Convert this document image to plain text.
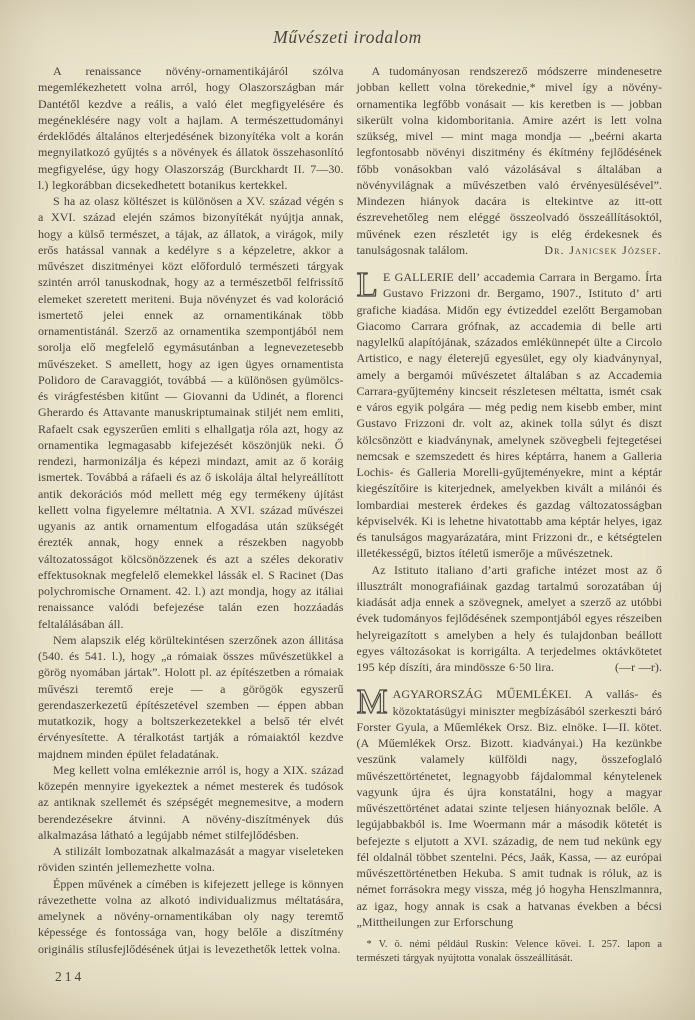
Művészeti irodalom

A renaissance növény-ornamentikájáról szólva megemlékezhetett volna arról, hogy Olaszországban már Dantétől kezdve a reális, a való élet megfigyelésére és megéneklésére nagy volt a hajlam. A természettudományi érdeklődés általános elterjedésének bizonyítéka volt a korán megnyilatkozó gyűjtés s a növények és állatok összehasonlító megfigyelése, úgy hogy Olaszország (Burckhardt II. 7—30. l.) legkorábban dicsekedhetett botanikus kertekkel.

S ha az olasz költészet is különösen a XV. század végén s a XVI. század elején számos bizonyítékát nyújtja annak, hogy a külső természet, a tájak, az állatok, a virágok, mily erős hatással vannak a kedélyre s a képzeletre, akkor a művészet diszitményei közt előforduló természeti tárgyak szintén arról tanuskodnak, hogy az a természetből felfrissítő elemeket szeretett meriteni. Buja növényzet és vad koloráció ismertető jelei ennek az ornamentikának több ornamentistánál. Szerző az ornamentika szempontjából nem sorolja elő megfelelő egymásutánban a legnevezetesebb művészeket. S amellett, hogy az igen ügyes ornamentista Polidoro de Caravaggiót, továbbá — a különösen gyümölcs- és virágfestésben kitűnt — Giovanni da Udinét, a florenci Gherardo és Attavante manuskriptumainak stiljét nem emliti, Rafaelt csak egyszerűen emliti s elhallgatja róla azt, hogy az ornamentika legmagasabb kifejezését köszönjük neki. Ő rendezi, harmonizálja és képezi mindazt, amit az ő koráig ismertek. Továbbá a ráfaeli és az ő iskolája által helyreállított antik dekorációs mód mellett még egy termékeny újítást kellett volna figyelemre méltatnia. A XVI. század művészei ugyanis az antik ornamentum elfogadása után szükségét érezték annak, hogy ennek a részekben nagyobb változatosságot kölcsönözzenek és azt a széles dekorativ effektusoknak megfelelő elemekkel lássák el. S Racinet (Das polychromische Ornament. 42. l.) azt mondja, hogy az itáliai renaissance valódi befejezése talán ezen hozzáadás feltalálásában áll.

Nem alapszik elég körültekintésen szerzőnek azon állitása (540. és 541. l.), hogy „a rómaiak összes művészetükkel a görög nyomában jártak”. Holott pl. az építészetben a rómaiak művészi teremtő ereje — a görögök egyszerű gerendaszerkezetű építészetével szemben — éppen abban mutatkozik, hogy a boltszerkezetekkel a belső tér elvét érvényesítette. A téralkotást tartják a rómaiaktól kezdve majdnem minden épület feladatának.

Meg kellett volna emlékeznie arról is, hogy a XIX. század közepén mennyire igyekeztek a német mesterek és tudósok az antiknak szellemét és szépségét megnemesitve, a modern berendezésekre átvinni. A növény-diszítmények dús alkalmazása látható a legújabb német stilfejlődésben.

A stilizált lombozatnak alkalmazását a magyar viseleteken röviden szintén jellemezhette volna.

Éppen művének a címében is kifejezett jellege is könnyen rávezethette volna az alkotó individualizmus méltatására, amelynek a növény-ornamentikában oly nagy teremtő képessége és fontossága van, hogy belőle a diszítmény originális stílusfejlődésének útjai is levezethetők lettek volna.

A tudományosan rendszerező módszerre mindenesetre jobban kellett volna törekednie,* mivel így a növény-ornamentika legfőbb vonásait — kis keretben is — jobban sikerült volna kidomboritania. Amire azért is lett volna szükség, mivel — mint maga mondja — „beérni akarta legfontosabb növényi diszitmény és ékítmény fejlődésének főbb vonásokban való vázolásával s általában a növényvilágnak a művészetben való érvényesülésével”. Mindezen hiányok dacára is eltekintve az itt-ott észrevehetőleg nem eléggé összeolvadó összeállításoktól, művének ezen részletét igy is elég érdekesnek és tanulságosnak találom.	Dr. Janicsek József.

L E GALLERIE dell’ accademia Carrara in Bergamo. Írta Gustavo Frizzoni dr. Bergamo, 1907., Istituto d’ arti grafiche kiadása. Midőn egy évtizeddel ezelőtt Bergamoban Giacomo Carrara grófnak, az accademia di belle arti nagylelkű alapítójának, százados emlékünnepét ülte a Circolo Artistico, e nagy életerejű egyesület, egy oly kiadványnyal, amely a bergamói művészetet általában s az Accademia Carrara-gyűjtemény kincseit részletesen méltatta, ismét csak e város egyik polgára — még pedig nem kisebb ember, mint Gustavo Frizzoni dr. volt az, akinek tolla súlyt és diszt kölcsönzött e kiadványnak, amelynek szövegbeli fejtegetései nemcsak e szemszedett és hires képtárra, hanem a Galleria Lochis- és Galleria Morelli-gyűjteményekre, mint a képtár kiegészítőire is kiterjednek, amelyekben kivált a milánói és lombardiai mesterek érdekes és gazdag változatosságban képviselvék. Ki is lehetne hivatottabb ama képtár helyes, igaz és tanulságos magyarázatára, mint Frizzoni dr., e kétségtelen illetékességű, biztos ítéletű ismerője a művészetnek.

Az Istituto italiano d’arti grafiche intézet most az ő illusztrált monografiáinak gazdag tartalmú sorozatában új kiadását adja ennek a szövegnek, amelyet a szerző az utóbbi évek tudományos fejlődésének szempontjából egyes részeiben helyreigazított s amelyben a hely és tulajdonban beállott egyes változásokat is korrigálta. A terjedelmes oktávkötetet 195 kép díszíti, ára mindössze 6·50 lira.	(—r —r).

MAGYARORSZÁG MŰEMLÉKEI. A vallás- és közoktatásügyi miniszter megbízásából szerkeszti báró Forster Gyula, a Műemlékek Orsz. Biz. elnöke. I—II. kötet. (A Műemlékek Orsz. Bizott. kiadványai.) Ha kezünkbe veszünk valamely külföldi nagy, összefoglaló művészettörténetet, legnagyobb fájdalommal kénytelenek vagyunk újra és újra konstatálni, hogy a magyar művészettörténet adatai szinte teljesen hiányoznak belőle. A legújabbakból is. Ime Woermann már a második kötetét is befejezte s eljutott a XVI. századig, de nem tud nekünk egy fél oldalnál többet szentelni. Pécs, Jaák, Kassa, — az európai művészettörténetben Hekuba. S amit tudnak is róluk, az is német forrásokra megy vissza, még jó hogyha Henszlmannra, az igaz, hogy annak is csak a hatvanas években a bécsi „Mittheilungen zur Erforschung

* V. ö. némi például Ruskin: Velence kövei. I. 257. lapon a természeti tárgyak nyújtotta vonalak összeállítását.
214
